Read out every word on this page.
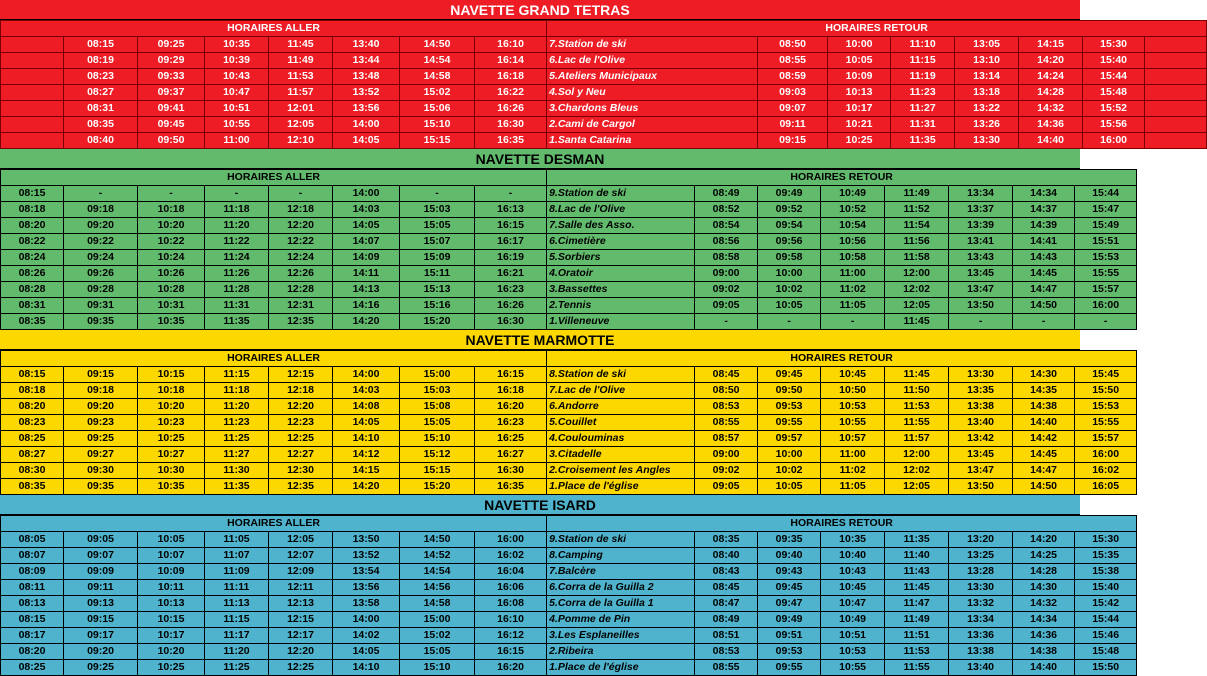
NAVETTE GRAND TETRAS
HORAIRES ALLER								HORAIRES RETOUR							
	08:15	09:25	10:35	11:45	13:40	14:50	16:10	7.Station de ski	08:50	10:00	11:10	13:05	14:15	15:30	
	08:19	09:29	10:39	11:49	13:44	14:54	16:14	6.Lac de l'Olive	08:55	10:05	11:15	13:10	14:20	15:40	
	08:23	09:33	10:43	11:53	13:48	14:58	16:18	5.Ateliers Municipaux	08:59	10:09	11:19	13:14	14:24	15:44	
	08:27	09:37	10:47	11:57	13:52	15:02	16:22	4.Sol y Neu	09:03	10:13	11:23	13:18	14:28	15:48	
	08:31	09:41	10:51	12:01	13:56	15:06	16:26	3.Chardons Bleus	09:07	10:17	11:27	13:22	14:32	15:52	
	08:35	09:45	10:55	12:05	14:00	15:10	16:30	2.Cami de Cargol	09:11	10:21	11:31	13:26	14:36	15:56	
	08:40	09:50	11:00	12:10	14:05	15:15	16:35	1.Santa Catarina	09:15	10:25	11:35	13:30	14:40	16:00	
NAVETTE DESMAN
HORAIRES ALLER								HORAIRES RETOUR							
08:15	-	-	-	-	14:00	-	-	9.Station de ski	08:49	09:49	10:49	11:49	13:34	14:34	15:44
08:18	09:18	10:18	11:18	12:18	14:03	15:03	16:13	8.Lac de l'Olive	08:52	09:52	10:52	11:52	13:37	14:37	15:47
08:20	09:20	10:20	11:20	12:20	14:05	15:05	16:15	7.Salle des Asso.	08:54	09:54	10:54	11:54	13:39	14:39	15:49
08:22	09:22	10:22	11:22	12:22	14:07	15:07	16:17	6.Cimetière	08:56	09:56	10:56	11:56	13:41	14:41	15:51
08:24	09:24	10:24	11:24	12:24	14:09	15:09	16:19	5.Sorbiers	08:58	09:58	10:58	11:58	13:43	14:43	15:53
08:26	09:26	10:26	11:26	12:26	14:11	15:11	16:21	4.Oratoir	09:00	10:00	11:00	12:00	13:45	14:45	15:55
08:28	09:28	10:28	11:28	12:28	14:13	15:13	16:23	3.Bassettes	09:02	10:02	11:02	12:02	13:47	14:47	15:57
08:31	09:31	10:31	11:31	12:31	14:16	15:16	16:26	2.Tennis	09:05	10:05	11:05	12:05	13:50	14:50	16:00
08:35	09:35	10:35	11:35	12:35	14:20	15:20	16:30	1.Villeneuve	-	-	-	11:45	-	-	-
NAVETTE MARMOTTE
HORAIRES ALLER								HORAIRES RETOUR							
08:15	09:15	10:15	11:15	12:15	14:00	15:00	16:15	8.Station de ski	08:45	09:45	10:45	11:45	13:30	14:30	15:45
08:18	09:18	10:18	11:18	12:18	14:03	15:03	16:18	7.Lac de l'Olive	08:50	09:50	10:50	11:50	13:35	14:35	15:50
08:20	09:20	10:20	11:20	12:20	14:08	15:08	16:20	6.Andorre	08:53	09:53	10:53	11:53	13:38	14:38	15:53
08:23	09:23	10:23	11:23	12:23	14:05	15:05	16:23	5.Couillet	08:55	09:55	10:55	11:55	13:40	14:40	15:55
08:25	09:25	10:25	11:25	12:25	14:10	15:10	16:25	4.Coulouminas	08:57	09:57	10:57	11:57	13:42	14:42	15:57
08:27	09:27	10:27	11:27	12:27	14:12	15:12	16:27	3.Citadelle	09:00	10:00	11:00	12:00	13:45	14:45	16:00
08:30	09:30	10:30	11:30	12:30	14:15	15:15	16:30	2.Croisement les Angles	09:02	10:02	11:02	12:02	13:47	14:47	16:02
08:35	09:35	10:35	11:35	12:35	14:20	15:20	16:35	1.Place de l'église	09:05	10:05	11:05	12:05	13:50	14:50	16:05
NAVETTE ISARD
HORAIRES ALLER								HORAIRES RETOUR							
08:05	09:05	10:05	11:05	12:05	13:50	14:50	16:00	9.Station de ski	08:35	09:35	10:35	11:35	13:20	14:20	15:30
08:07	09:07	10:07	11:07	12:07	13:52	14:52	16:02	8.Camping	08:40	09:40	10:40	11:40	13:25	14:25	15:35
08:09	09:09	10:09	11:09	12:09	13:54	14:54	16:04	7.Balcère	08:43	09:43	10:43	11:43	13:28	14:28	15:38
08:11	09:11	10:11	11:11	12:11	13:56	14:56	16:06	6.Corra de la Guilla 2	08:45	09:45	10:45	11:45	13:30	14:30	15:40
08:13	09:13	10:13	11:13	12:13	13:58	14:58	16:08	5.Corra de la Guilla 1	08:47	09:47	10:47	11:47	13:32	14:32	15:42
08:15	09:15	10:15	11:15	12:15	14:00	15:00	16:10	4.Pomme de Pin	08:49	09:49	10:49	11:49	13:34	14:34	15:44
08:17	09:17	10:17	11:17	12:17	14:02	15:02	16:12	3.Les Esplaneilles	08:51	09:51	10:51	11:51	13:36	14:36	15:46
08:20	09:20	10:20	11:20	12:20	14:05	15:05	16:15	2.Ribeira	08:53	09:53	10:53	11:53	13:38	14:38	15:48
08:25	09:25	10:25	11:25	12:25	14:10	15:10	16:20	1.Place de l'église	08:55	09:55	10:55	11:55	13:40	14:40	15:50
